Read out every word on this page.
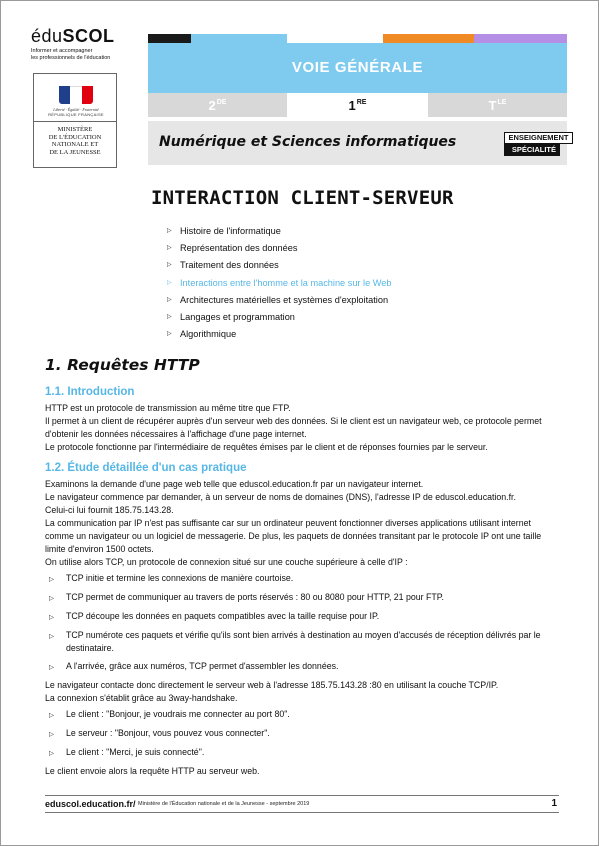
éduSCOL
Informer et accompagner
les professionnels de l'éducation
Liberté · Égalité · Fraternité
RÉPUBLIQUE FRANÇAISE
MINISTÈRE
DE L'ÉDUCATION
NATIONALE ET
DE LA JEUNESSE
VOIE GÉNÉRALE
2DE	1RE	$T^{LE}$
Numérique et Sciences informatiques	ENSEIGNEMENT
SPÉCIALITÉ
INTERACTION CLIENT-SERVEUR
▷ Histoire de l'informatique
▷ Représentation des données
▷ Traitement des données
▷ Interactions entre l'homme et la machine sur le Web
▷ Architectures matérielles et systèmes d'exploitation
▷ Langages et programmation
▷ Algorithmique
1. Requêtes HTTP
1.1. Introduction
HTTP est un protocole de transmission au même titre que FTP.
Il permet à un client de récupérer auprès d'un serveur web des données. Si le client est un navigateur web, ce protocole permet d'obtenir les données nécessaires à l'affichage d'une page internet.
Le protocole fonctionne par l'intermédiaire de requêtes émises par le client et de réponses fournies par le serveur.
1.2. Étude détaillée d'un cas pratique
Examinons la demande d'une page web telle que eduscol.education.fr par un navigateur internet.
Le navigateur commence par demander, à un serveur de noms de domaines (DNS), l'adresse IP de eduscol.education.fr.
Celui-ci lui fournit 185.75.143.28.
La communication par IP n'est pas suffisante car sur un ordinateur peuvent fonctionner diverses applications utilisant internet comme un navigateur ou un logiciel de messagerie. De plus, les paquets de données transitant par le protocole IP ont une taille limite d'environ 1500 octets.
On utilise alors TCP, un protocole de connexion situé sur une couche supérieure à celle d'IP :
▷	TCP initie et termine les connexions de manière courtoise.
▷	TCP permet de communiquer au travers de ports réservés : 80 ou 8080 pour HTTP, 21 pour FTP.
▷	TCP découpe les données en paquets compatibles avec la taille requise pour IP.
▷	TCP numérote ces paquets et vérifie qu'ils sont bien arrivés à destination au moyen d'accusés de réception délivrés par le destinataire.
▷	A l'arrivée, grâce aux numéros, TCP permet d'assembler les données.
Le navigateur contacte donc directement le serveur web à l'adresse 185.75.143.28 :80 en utilisant la couche TCP/IP.
La connexion s'établit grâce au 3way-handshake.
▷	Le client : "Bonjour, je voudrais me connecter au port 80".
▷	Le serveur : "Bonjour, vous pouvez vous connecter".
▷	Le client : "Merci, je suis connecté".
Le client envoie alors la requête HTTP au serveur web.
eduscol.education.fr/ Ministère de l'Éducation nationale et de la Jeunesse - septembre 2019	1
